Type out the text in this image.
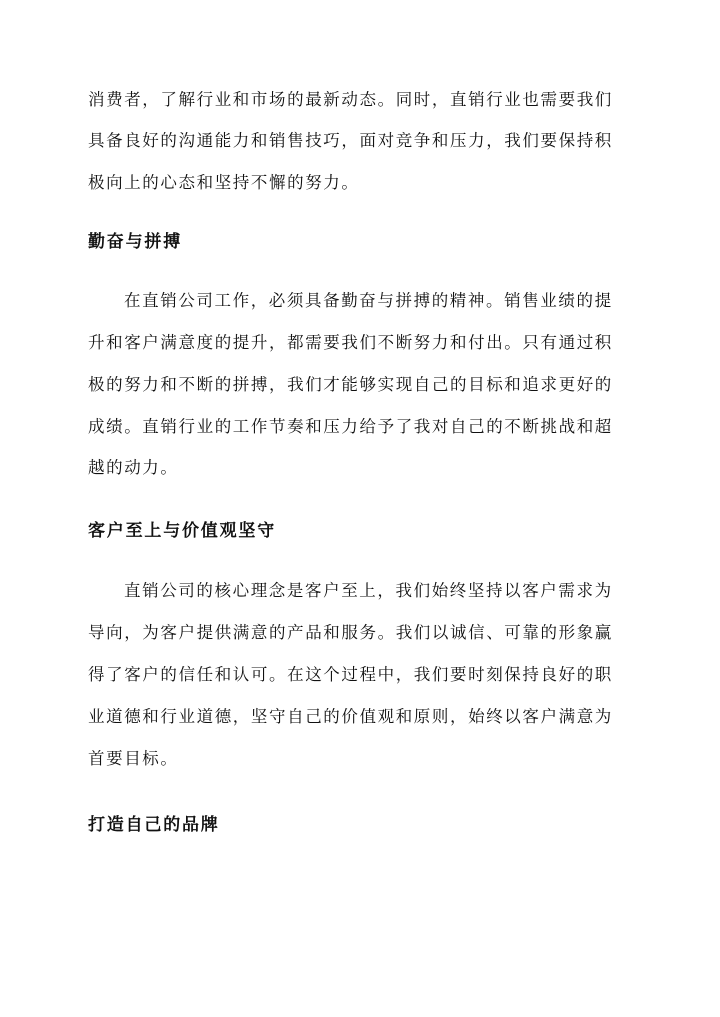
消费者，了解行业和市场的最新动态。同时，直销行业也需要我们
具备良好的沟通能力和销售技巧，面对竞争和压力，我们要保持积
极向上的心态和坚持不懈的努力。
勤奋与拼搏
在直销公司工作，必须具备勤奋与拼搏的精神。销售业绩的提
升和客户满意度的提升，都需要我们不断努力和付出。只有通过积
极的努力和不断的拼搏，我们才能够实现自己的目标和追求更好的
成绩。直销行业的工作节奏和压力给予了我对自己的不断挑战和超
越的动力。
客户至上与价值观坚守
直销公司的核心理念是客户至上，我们始终坚持以客户需求为
导向，为客户提供满意的产品和服务。我们以诚信、可靠的形象赢
得了客户的信任和认可。在这个过程中，我们要时刻保持良好的职
业道德和行业道德，坚守自己的价值观和原则，始终以客户满意为
首要目标。
打造自己的品牌
